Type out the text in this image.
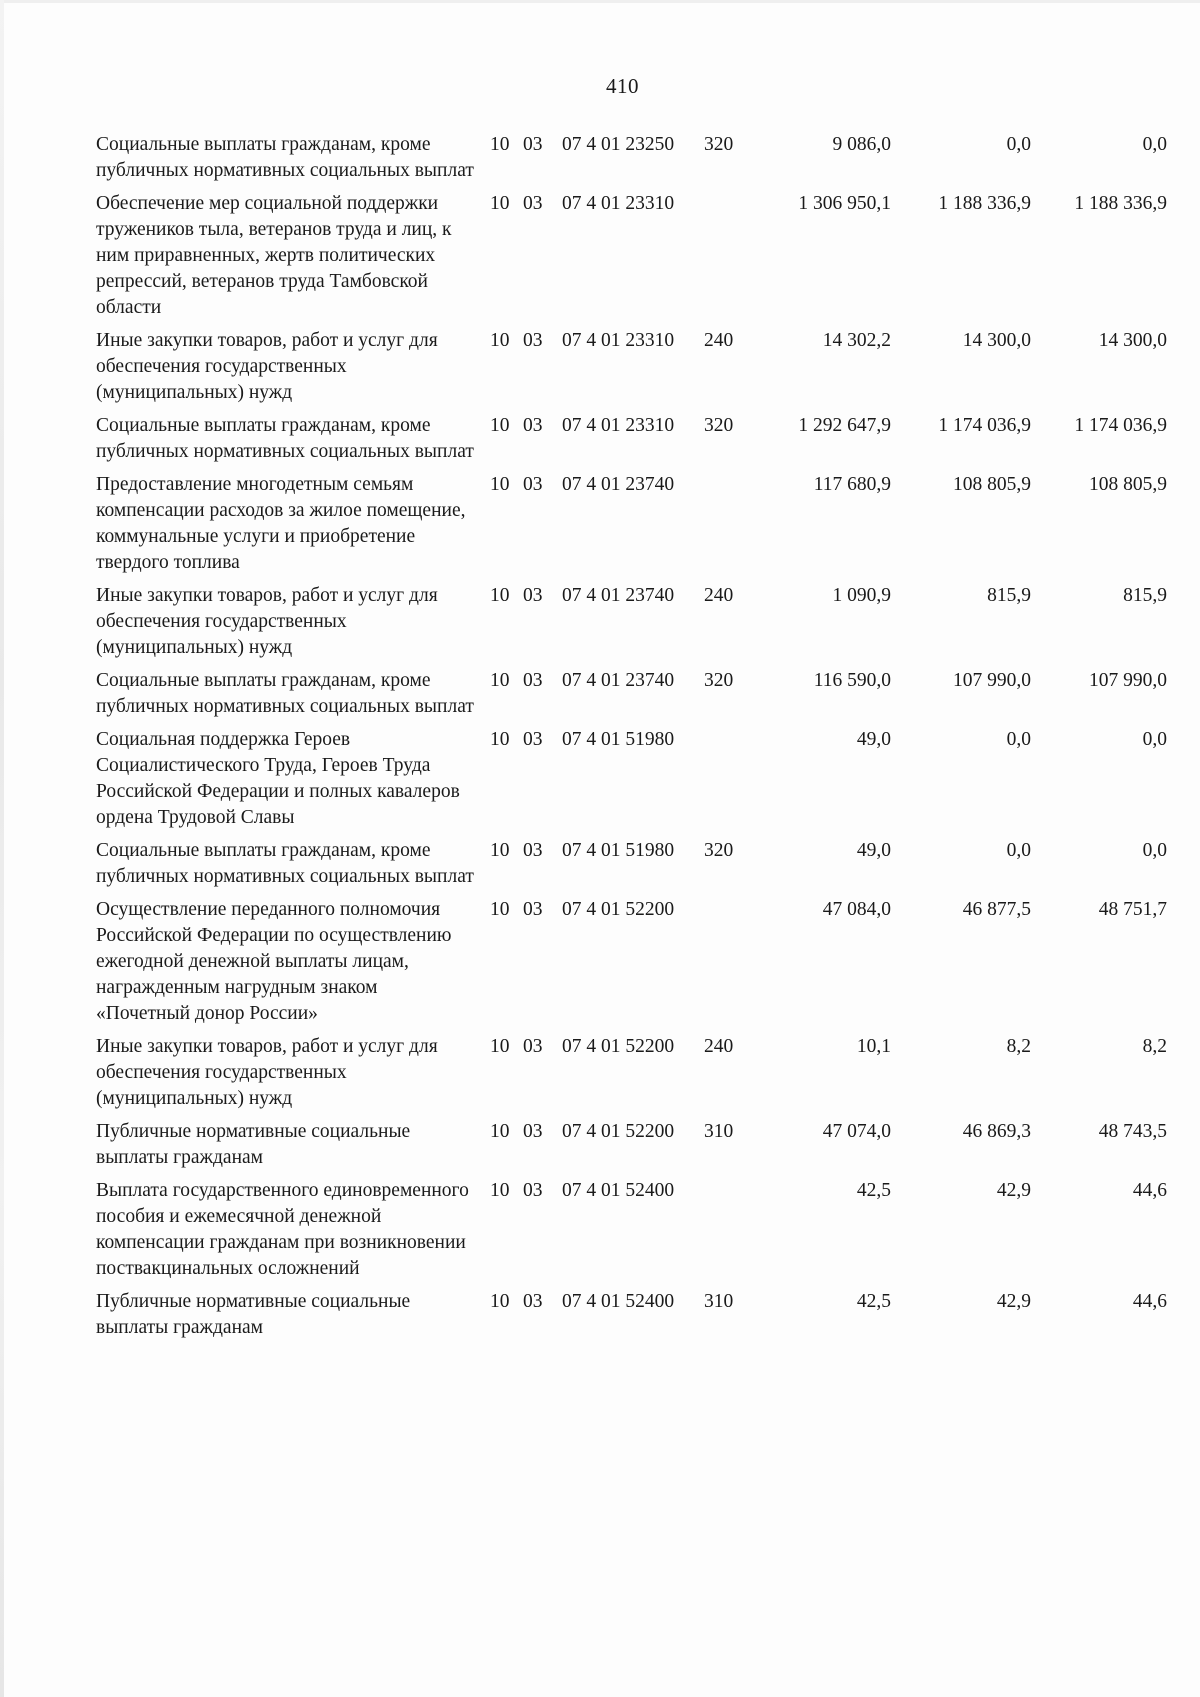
410
Социальные выплаты гражданам, кроме публичных нормативных социальных выплат	10	03	07 4 01 23250	320	9 086,0	0,0	0,0
Обеспечение мер социальной поддержки тружеников тыла, ветеранов труда и лиц, к ним приравненных, жертв политических репрессий, ветеранов труда Тамбовской области	10	03	07 4 01 23310		1 306 950,1	1 188 336,9	1 188 336,9
Иные закупки товаров, работ и услуг для обеспечения государственных (муниципальных) нужд	10	03	07 4 01 23310	240	14 302,2	14 300,0	14 300,0
Социальные выплаты гражданам, кроме публичных нормативных социальных выплат	10	03	07 4 01 23310	320	1 292 647,9	1 174 036,9	1 174 036,9
Предоставление многодетным семьям компенсации расходов за жилое помещение, коммунальные услуги и приобретение твердого топлива	10	03	07 4 01 23740		117 680,9	108 805,9	108 805,9
Иные закупки товаров, работ и услуг для обеспечения государственных (муниципальных) нужд	10	03	07 4 01 23740	240	1 090,9	815,9	815,9
Социальные выплаты гражданам, кроме публичных нормативных социальных выплат	10	03	07 4 01 23740	320	116 590,0	107 990,0	107 990,0
Социальная поддержка Героев Социалистического Труда, Героев Труда Российской Федерации и полных кавалеров ордена Трудовой Славы	10	03	07 4 01 51980		49,0	0,0	0,0
Социальные выплаты гражданам, кроме публичных нормативных социальных выплат	10	03	07 4 01 51980	320	49,0	0,0	0,0
Осуществление переданного полномочия Российской Федерации по осуществлению ежегодной денежной выплаты лицам, награжденным нагрудным знаком «Почетный донор России»	10	03	07 4 01 52200		47 084,0	46 877,5	48 751,7
Иные закупки товаров, работ и услуг для обеспечения государственных (муниципальных) нужд	10	03	07 4 01 52200	240	10,1	8,2	8,2
Публичные нормативные социальные выплаты гражданам	10	03	07 4 01 52200	310	47 074,0	46 869,3	48 743,5
Выплата государственного единовременного пособия и ежемесячной денежной компенсации гражданам при возникновении поствакцинальных осложнений	10	03	07 4 01 52400		42,5	42,9	44,6
Публичные нормативные социальные выплаты гражданам	10	03	07 4 01 52400	310	42,5	42,9	44,6
